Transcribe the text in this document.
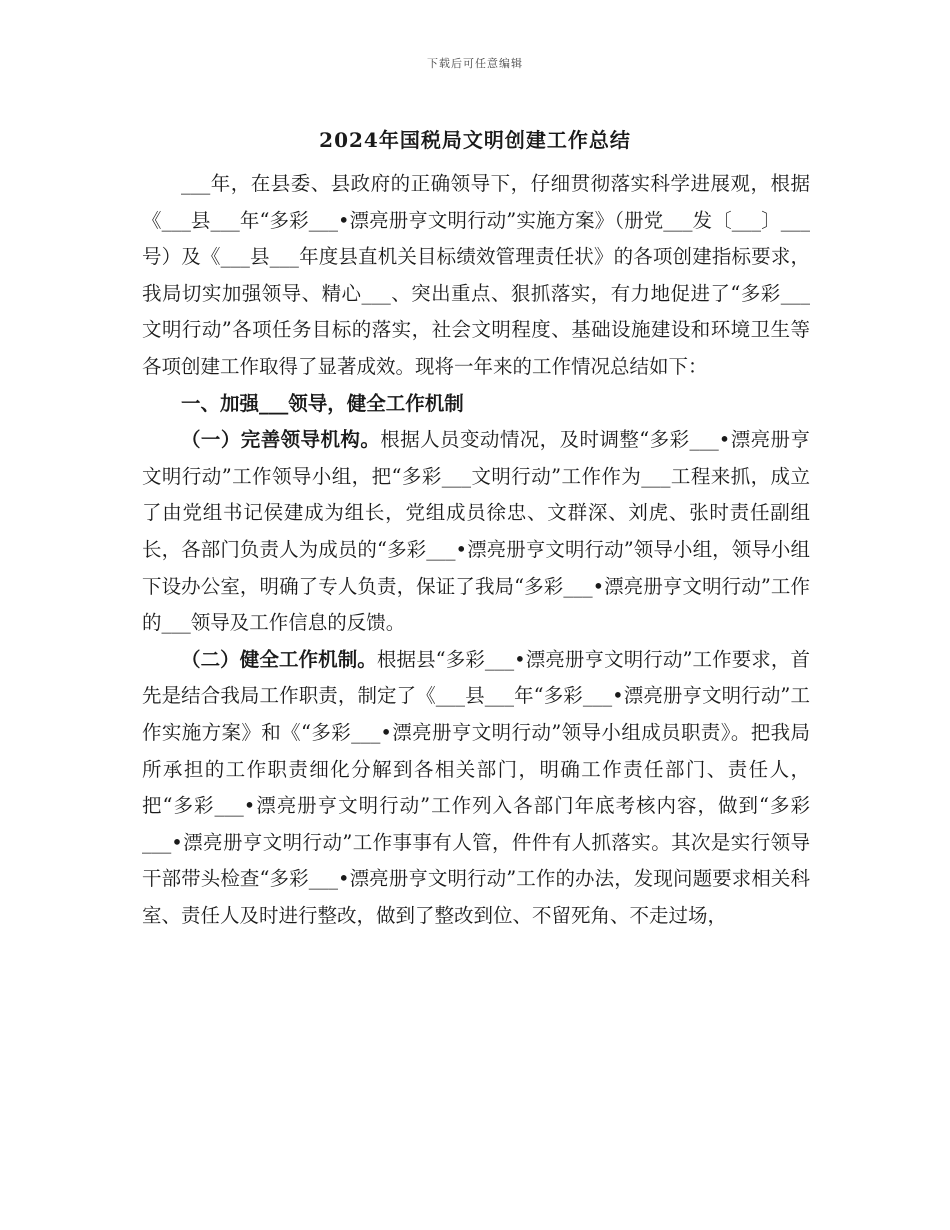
下载后可任意编辑
2024年国税局文明创建工作总结

___年，在县委、县政府的正确领导下，仔细贯彻落实科学进展观，根据《___县___年“多彩___•漂亮册亨文明行动”实施方案》（册党___发〔___〕___号）及《___县___年度县直机关目标绩效管理责任状》的各项创建指标要求，我局切实加强领导、精心___、突出重点、狠抓落实，有力地促进了“多彩___文明行动”各项任务目标的落实，社会文明程度、基础设施建设和环境卫生等各项创建工作取得了显著成效。现将一年来的工作情况总结如下：

一、加强___领导，健全工作机制

（一）完善领导机构。根据人员变动情况，及时调整“多彩___•漂亮册亨文明行动”工作领导小组，把“多彩___文明行动”工作作为___工程来抓，成立了由党组书记侯建成为组长，党组成员徐忠、文群深、刘虎、张时责任副组长，各部门负责人为成员的“多彩___•漂亮册亨文明行动”领导小组，领导小组下设办公室，明确了专人负责，保证了我局“多彩___•漂亮册亨文明行动”工作的___领导及工作信息的反馈。

（二）健全工作机制。根据县“多彩___•漂亮册亨文明行动”工作要求，首先是结合我局工作职责，制定了《___县___年“多彩___•漂亮册亨文明行动”工作实施方案》和《“多彩___•漂亮册亨文明行动”领导小组成员职责》。把我局所承担的工作职责细化分解到各相关部门，明确工作责任部门、责任人，把“多彩___•漂亮册亨文明行动”工作列入各部门年底考核内容，做到“多彩___•漂亮册亨文明行动”工作事事有人管，件件有人抓落实。其次是实行领导干部带头检查“多彩___•漂亮册亨文明行动”工作的办法，发现问题要求相关科室、责任人及时进行整改，做到了整改到位、不留死角、不走过场，
